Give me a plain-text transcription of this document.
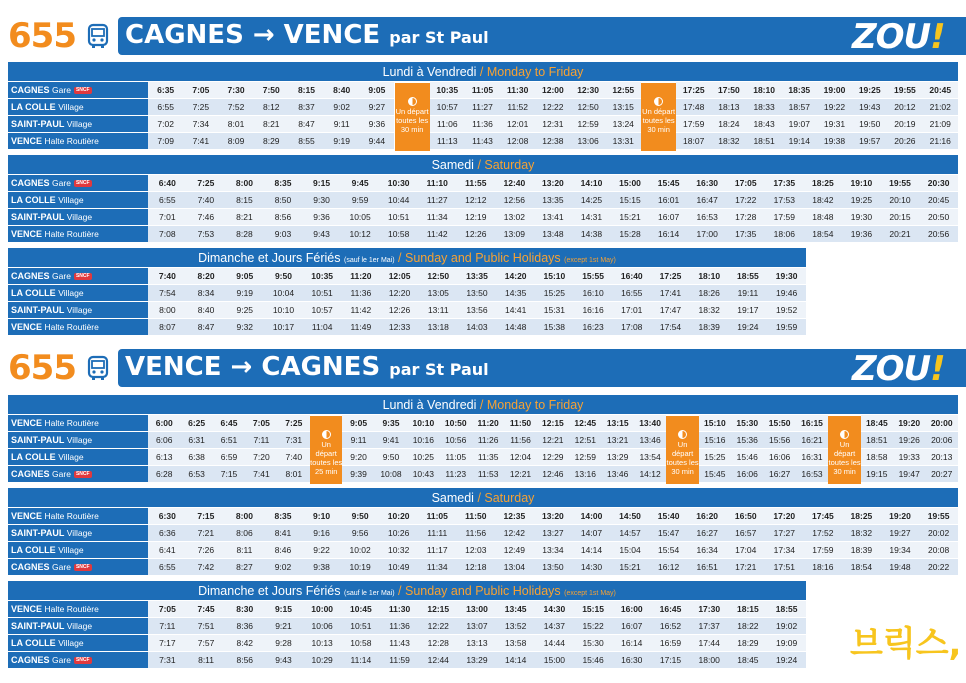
655 CAGNES → VENCE par St Paul	ZOU!
655 VENCE → CAGNES par St Paul	ZOU!
Lundi à Vendredi / Monday to Friday
CAGNES Gare SNCF	6:35	7:05	7:30	7:50	8:15	8:40	9:05		10:35	11:05	11:30	12:00	12:30	12:55		17:25	17:50	18:10	18:35	19:00	19:25	19:55	20:45
LA COLLE Village	6:55	7:25	7:52	8:12	8:37	9:02	9:27		10:57	11:27	11:52	12:22	12:50	13:15		17:48	18:13	18:33	18:57	19:22	19:43	20:12	21:02
SAINT-PAUL Village	7:02	7:34	8:01	8:21	8:47	9:11	9:36		11:06	11:36	12:01	12:31	12:59	13:24		17:59	18:24	18:43	19:07	19:31	19:50	20:19	21:09
VENCE Halte Routière	7:09	7:41	8:09	8:29	8:55	9:19	9:44		11:13	11:43	12:08	12:38	13:06	13:31		18:07	18:32	18:51	19:14	19:38	19:57	20:26	21:16
Un départ toutes les 30 min
Un départ toutes les 30 min
Samedi / Saturday
CAGNES Gare SNCF	6:40	7:25	8:00	8:35	9:15	9:45	10:30	11:10	11:55	12:40	13:20	14:10	15:00	15:45	16:30	17:05	17:35	18:25	19:10	19:55	20:30
LA COLLE Village	6:55	7:40	8:15	8:50	9:30	9:59	10:44	11:27	12:12	12:56	13:35	14:25	15:15	16:01	16:47	17:22	17:53	18:42	19:25	20:10	20:45
SAINT-PAUL Village	7:01	7:46	8:21	8:56	9:36	10:05	10:51	11:34	12:19	13:02	13:41	14:31	15:21	16:07	16:53	17:28	17:59	18:48	19:30	20:15	20:50
VENCE Halte Routière	7:08	7:53	8:28	9:03	9:43	10:12	10:58	11:42	12:26	13:09	13:48	14:38	15:28	16:14	17:00	17:35	18:06	18:54	19:36	20:21	20:56
Dimanche et Jours Fériés (sauf le 1er Mai) / Sunday and Public Holidays (except 1st May)
CAGNES Gare SNCF	7:40	8:20	9:05	9:50	10:35	11:20	12:05	12:50	13:35	14:20	15:10	15:55	16:40	17:25	18:10	18:55	19:30
LA COLLE Village	7:54	8:34	9:19	10:04	10:51	11:36	12:20	13:05	13:50	14:35	15:25	16:10	16:55	17:41	18:26	19:11	19:46
SAINT-PAUL Village	8:00	8:40	9:25	10:10	10:57	11:42	12:26	13:11	13:56	14:41	15:31	16:16	17:01	17:47	18:32	19:17	19:52
VENCE Halte Routière	8:07	8:47	9:32	10:17	11:04	11:49	12:33	13:18	14:03	14:48	15:38	16:23	17:08	17:54	18:39	19:24	19:59
Lundi à Vendredi / Monday to Friday
VENCE Halte Routière	6:00	6:25	6:45	7:05	7:25		9:05	9:35	10:10	10:50	11:20	11:50	12:15	12:45	13:15	13:40		15:10	15:30	15:50	16:15		18:45	19:20	20:00
SAINT-PAUL Village	6:06	6:31	6:51	7:11	7:31		9:11	9:41	10:16	10:56	11:26	11:56	12:21	12:51	13:21	13:46		15:16	15:36	15:56	16:21		18:51	19:26	20:06
LA COLLE Village	6:13	6:38	6:59	7:20	7:40		9:20	9:50	10:25	11:05	11:35	12:04	12:29	12:59	13:29	13:54		15:25	15:46	16:06	16:31		18:58	19:33	20:13
CAGNES Gare SNCF	6:28	6:53	7:15	7:41	8:01		9:39	10:08	10:43	11:23	11:53	12:21	12:46	13:16	13:46	14:12		15:45	16:06	16:27	16:53		19:15	19:47	20:27
Un départ toutes les 25 min
Un départ toutes les 30 min
Un départ toutes les 30 min
Samedi / Saturday
VENCE Halte Routière	6:30	7:15	8:00	8:35	9:10	9:50	10:20	11:05	11:50	12:35	13:20	14:00	14:50	15:40	16:20	16:50	17:20	17:45	18:25	19:20	19:55
SAINT-PAUL Village	6:36	7:21	8:06	8:41	9:16	9:56	10:26	11:11	11:56	12:42	13:27	14:07	14:57	15:47	16:27	16:57	17:27	17:52	18:32	19:27	20:02
LA COLLE Village	6:41	7:26	8:11	8:46	9:22	10:02	10:32	11:17	12:03	12:49	13:34	14:14	15:04	15:54	16:34	17:04	17:34	17:59	18:39	19:34	20:08
CAGNES Gare SNCF	6:55	7:42	8:27	9:02	9:38	10:19	10:49	11:34	12:18	13:04	13:50	14:30	15:21	16:12	16:51	17:21	17:51	18:16	18:54	19:48	20:22
Dimanche et Jours Fériés (sauf le 1er Mai) / Sunday and Public Holidays (except 1st May)
VENCE Halte Routière	7:05	7:45	8:30	9:15	10:00	10:45	11:30	12:15	13:00	13:45	14:30	15:15	16:00	16:45	17:30	18:15	18:55
SAINT-PAUL Village	7:11	7:51	8:36	9:21	10:06	10:51	11:36	12:22	13:07	13:52	14:37	15:22	16:07	16:52	17:37	18:22	19:02
LA COLLE Village	7:17	7:57	8:42	9:28	10:13	10:58	11:43	12:28	13:13	13:58	14:44	15:30	16:14	16:59	17:44	18:29	19:09
CAGNES Gare SNCF	7:31	8:11	8:56	9:43	10:29	11:14	11:59	12:44	13:29	14:14	15:00	15:46	16:30	17:15	18:00	18:45	19:24 브릭스,
